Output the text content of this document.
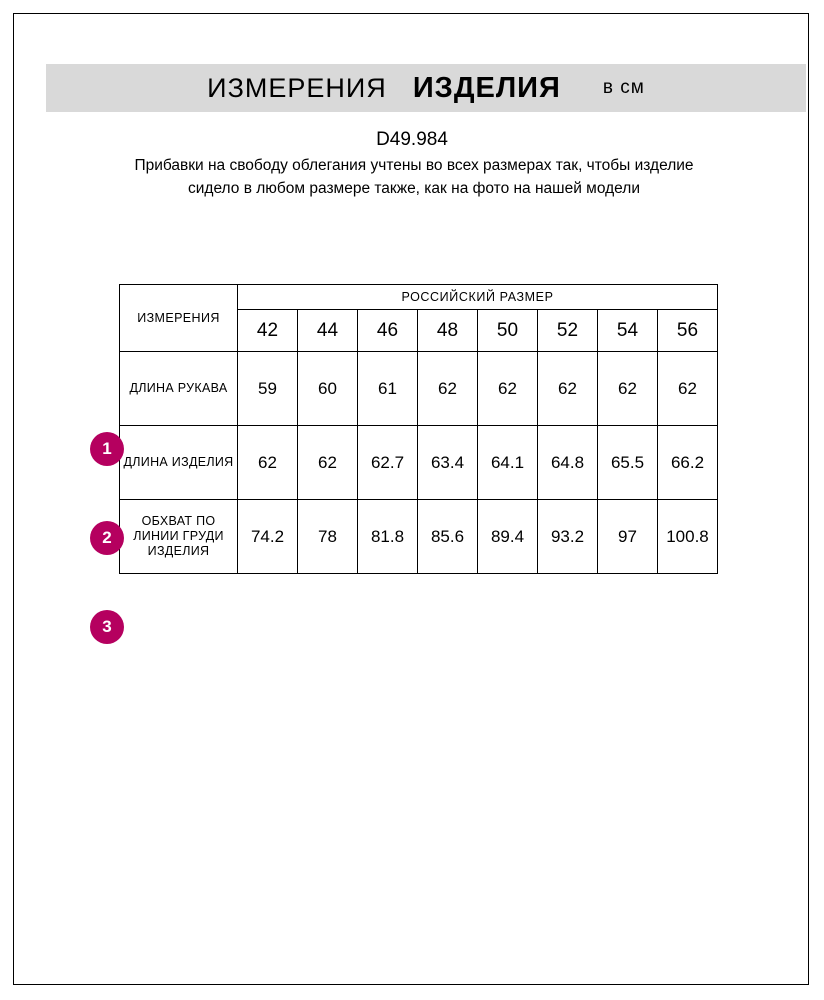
ИЗМЕРЕНИЯ ИЗДЕЛИЯ в см
D49.984
Прибавки на свободу облегания учтены во всех размерах так, чтобы изделие сидело в любом размере также, как на фото на нашей модели
ИЗМЕРЕНИЯ	РОССИЙСКИЙ РАЗМЕР							
	42	44	46	48	50	52	54	56
ДЛИНА РУКАВА	59	60	61	62	62	62	62	62
ДЛИНА ИЗДЕЛИЯ	62	62	62.7	63.4	64.1	64.8	65.5	66.2
ОБХВАТ ПО ЛИНИИ ГРУДИ ИЗДЕЛИЯ	74.2	78	81.8	85.6	89.4	93.2	97	100.8
1
2
3
